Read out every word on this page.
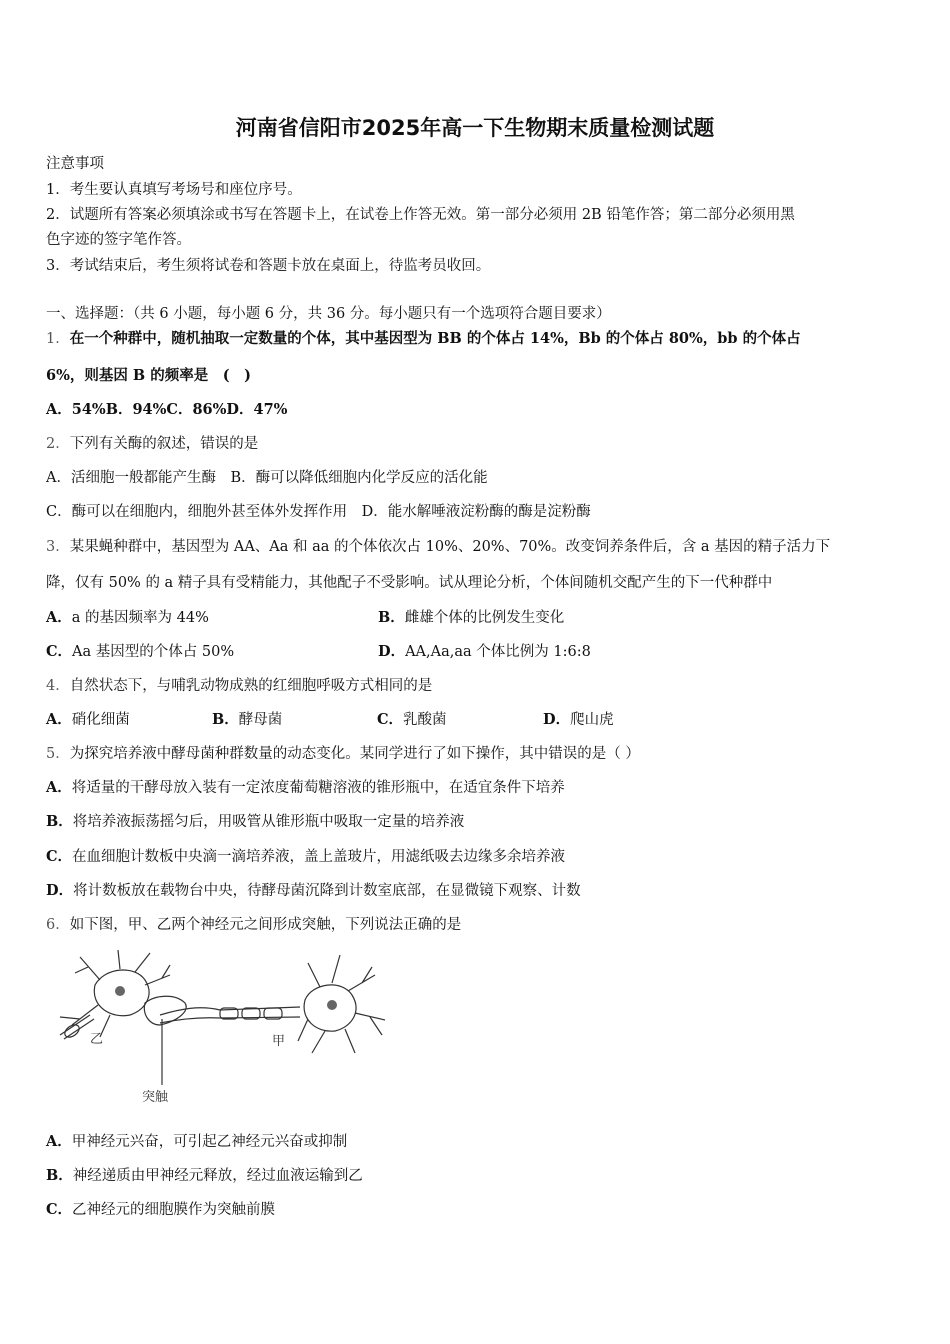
河南省信阳市2025年高一下生物期末质量检测试题
注意事项
1．考生要认真填写考场号和座位序号。
2．试题所有答案必须填涂或书写在答题卡上，在试卷上作答无效。第一部分必须用 2B 铅笔作答；第二部分必须用黑
色字迹的签字笔作答。
3．考试结束后，考生须将试卷和答题卡放在桌面上，待监考员收回。
一、选择题：（共 6 小题，每小题 6 分，共 36 分。每小题只有一个选项符合题目要求）
1．在一个种群中，随机抽取一定数量的个体，其中基因型为 BB 的个体占 14%，Bb 的个体占 80%，bb 的个体占
6%，则基因 B 的频率是　(　)
A．54%B．94%C．86%D．47%
2．下列有关酶的叙述，错误的是
A．活细胞一般都能产生酶　B．酶可以降低细胞内化学反应的活化能
C．酶可以在细胞内，细胞外甚至体外发挥作用　D．能水解唾液淀粉酶的酶是淀粉酶
3．某果蝇种群中，基因型为 AA、Aa 和 aa 的个体依次占 10%、20%、70%。改变饲养条件后，含 a 基因的精子活力下
降，仅有 50% 的 a 精子具有受精能力，其他配子不受影响。试从理论分析，个体间随机交配产生的下一代种群中
A．a 的基因频率为 44%	B．雌雄个体的比例发生变化
C．Aa 基因型的个体占 50%	D．AA,Aa,aa 个体比例为 1:6:8
4．自然状态下，与哺乳动物成熟的红细胞呼吸方式相同的是
A．硝化细菌	B．酵母菌	C．乳酸菌	D．爬山虎
5．为探究培养液中酵母菌种群数量的动态变化。某同学进行了如下操作，其中错误的是（ ）
A．将适量的干酵母放入装有一定浓度葡萄糖溶液的锥形瓶中，在适宜条件下培养
B．将培养液振荡摇匀后，用吸管从锥形瓶中吸取一定量的培养液
C．在血细胞计数板中央滴一滴培养液，盖上盖玻片，用滤纸吸去边缘多余培养液
D．将计数板放在载物台中央，待酵母菌沉降到计数室底部，在显微镜下观察、计数
6．如下图，甲、乙两个神经元之间形成突触，下列说法正确的是
乙	甲
突触
A．甲神经元兴奋，可引起乙神经元兴奋或抑制
B．神经递质由甲神经元释放，经过血液运输到乙
C．乙神经元的细胞膜作为突触前膜
